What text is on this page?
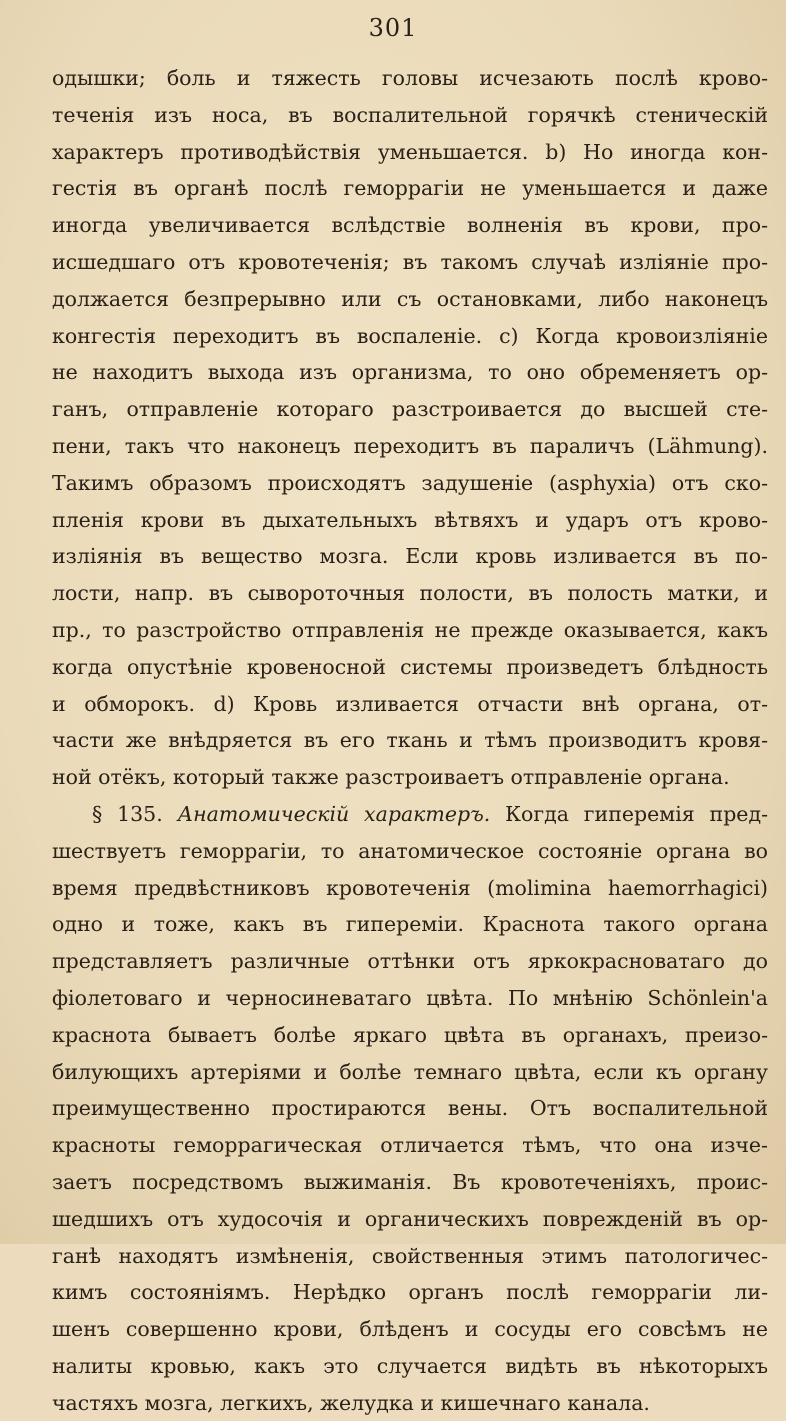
301
одышки; боль и тяжесть головы исчезають послѣ крово-
теченія изъ носа, въ воспалительной горячкѣ стеническій
характеръ противодѣйствія уменьшается. b) Но иногда кон-
гестія въ органѣ послѣ геморрагіи не уменьшается и даже
иногда увеличивается вслѣдствіе волненія въ крови, про-
исшедшаго отъ кровотеченія; въ такомъ случаѣ изліяніе про-
должается безпрерывно или съ остановками, либо наконецъ
конгестія переходитъ въ воспаленіе. c) Когда кровоизліяніе
не находитъ выхода изъ организма, то оно обременяетъ ор-
ганъ, отправленіе котораго разстроивается до высшей сте-
пени, такъ что наконецъ переходитъ въ параличъ (Lähmung).
Такимъ образомъ происходятъ задушеніе (asphyxia) отъ ско-
пленія крови въ дыхательныхъ вѣтвяхъ и ударъ отъ крово-
изліянія въ вещество мозга. Если кровь изливается въ по-
лости, напр. въ сывороточныя полости, въ полость матки, и
пр., то разстройство отправленія не прежде оказывается, какъ
когда опустѣніе кровеносной системы произведетъ блѣдность
и обморокъ. d) Кровь изливается отчасти внѣ органа, от-
части же внѣдряется въ его ткань и тѣмъ производитъ кровя-
ной отёкъ, который также разстроиваетъ отправленіе органа.
§ 135. Анатомическій характеръ. Когда гиперемія пред-
шествуетъ геморрагіи, то анатомическое состояніе органа во
время предвѣстниковъ кровотеченія (molimina haemorrhagici)
одно и тоже, какъ въ гипереміи. Краснота такого органа
представляетъ различные оттѣнки отъ яркокрасноватаго до
фіолетоваго и черносиневатаго цвѣта. По мнѣнію Schönlein'а
краснота бываетъ болѣе яркаго цвѣта въ органахъ, преизо-
билующихъ артеріями и болѣе темнаго цвѣта, если къ органу
преимущественно простираются вены. Отъ воспалительной
красноты геморрагическая отличается тѣмъ, что она изче-
заетъ посредствомъ выжиманія. Въ кровотеченіяхъ, проис-
шедшихъ отъ худосочія и органическихъ поврежденій въ ор-
ганѣ находятъ измѣненія, свойственныя этимъ патологичес-
кимъ состояніямъ. Нерѣдко органъ послѣ геморрагіи ли-
шенъ совершенно крови, блѣденъ и сосуды его совсѣмъ не
налиты кровью, какъ это случается видѣть въ нѣкоторыхъ
частяхъ мозга, легкихъ, желудка и кишечнаго канала.
